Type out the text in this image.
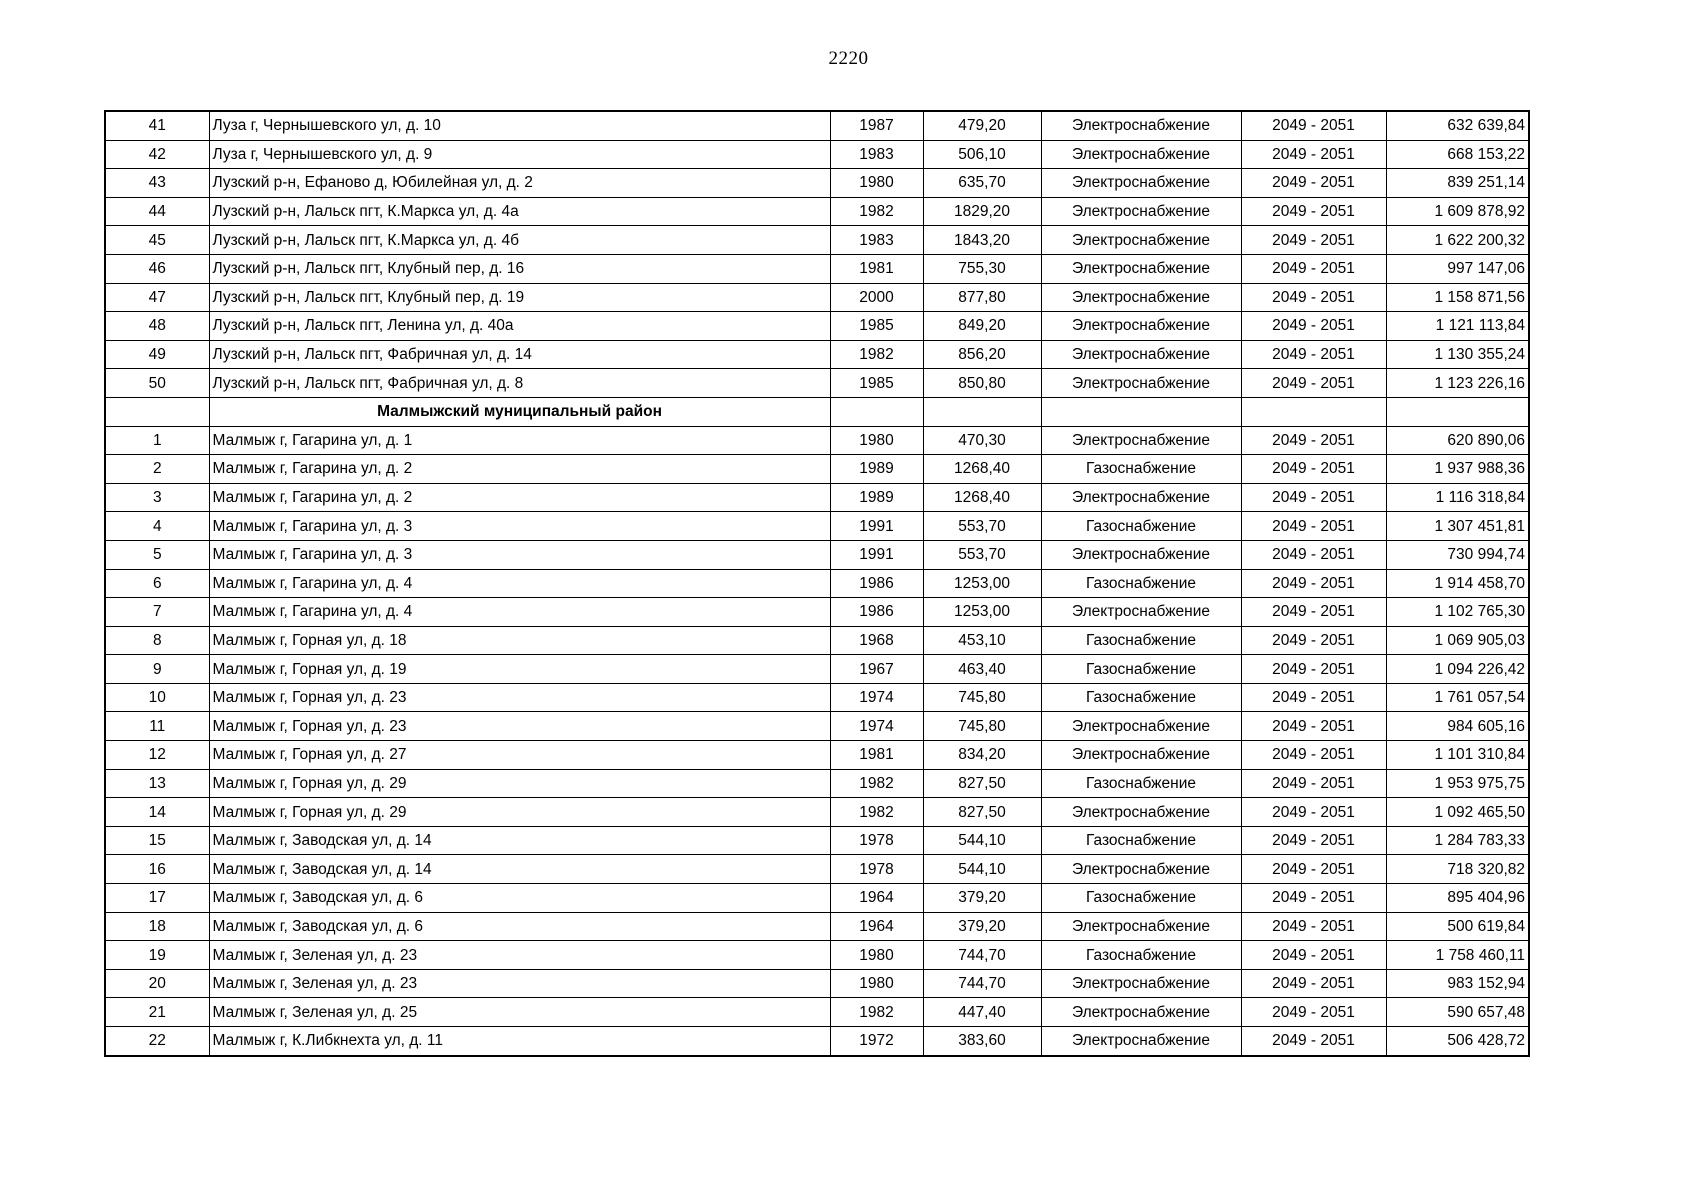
2220
41	Луза г, Чернышевского ул, д. 10	1987	479,20	Электроснабжение	2049 - 2051	632 639,84
42	Луза г, Чернышевского ул, д. 9	1983	506,10	Электроснабжение	2049 - 2051	668 153,22
43	Лузский р-н, Ефаново д, Юбилейная ул, д. 2	1980	635,70	Электроснабжение	2049 - 2051	839 251,14
44	Лузский р-н, Лальск пгт, К.Маркса ул, д. 4а	1982	1829,20	Электроснабжение	2049 - 2051	1 609 878,92
45	Лузский р-н, Лальск пгт, К.Маркса ул, д. 4б	1983	1843,20	Электроснабжение	2049 - 2051	1 622 200,32
46	Лузский р-н, Лальск пгт, Клубный пер, д. 16	1981	755,30	Электроснабжение	2049 - 2051	997 147,06
47	Лузский р-н, Лальск пгт, Клубный пер, д. 19	2000	877,80	Электроснабжение	2049 - 2051	1 158 871,56
48	Лузский р-н, Лальск пгт, Ленина ул, д. 40а	1985	849,20	Электроснабжение	2049 - 2051	1 121 113,84
49	Лузский р-н, Лальск пгт, Фабричная ул, д. 14	1982	856,20	Электроснабжение	2049 - 2051	1 130 355,24
50	Лузский р-н, Лальск пгт, Фабричная ул, д. 8	1985	850,80	Электроснабжение	2049 - 2051	1 123 226,16
	Малмыжский муниципальный район					
1	Малмыж г, Гагарина ул, д. 1	1980	470,30	Электроснабжение	2049 - 2051	620 890,06
2	Малмыж г, Гагарина ул, д. 2	1989	1268,40	Газоснабжение	2049 - 2051	1 937 988,36
3	Малмыж г, Гагарина ул, д. 2	1989	1268,40	Электроснабжение	2049 - 2051	1 116 318,84
4	Малмыж г, Гагарина ул, д. 3	1991	553,70	Газоснабжение	2049 - 2051	1 307 451,81
5	Малмыж г, Гагарина ул, д. 3	1991	553,70	Электроснабжение	2049 - 2051	730 994,74
6	Малмыж г, Гагарина ул, д. 4	1986	1253,00	Газоснабжение	2049 - 2051	1 914 458,70
7	Малмыж г, Гагарина ул, д. 4	1986	1253,00	Электроснабжение	2049 - 2051	1 102 765,30
8	Малмыж г, Горная ул, д. 18	1968	453,10	Газоснабжение	2049 - 2051	1 069 905,03
9	Малмыж г, Горная ул, д. 19	1967	463,40	Газоснабжение	2049 - 2051	1 094 226,42
10	Малмыж г, Горная ул, д. 23	1974	745,80	Газоснабжение	2049 - 2051	1 761 057,54
11	Малмыж г, Горная ул, д. 23	1974	745,80	Электроснабжение	2049 - 2051	984 605,16
12	Малмыж г, Горная ул, д. 27	1981	834,20	Электроснабжение	2049 - 2051	1 101 310,84
13	Малмыж г, Горная ул, д. 29	1982	827,50	Газоснабжение	2049 - 2051	1 953 975,75
14	Малмыж г, Горная ул, д. 29	1982	827,50	Электроснабжение	2049 - 2051	1 092 465,50
15	Малмыж г, Заводская ул, д. 14	1978	544,10	Газоснабжение	2049 - 2051	1 284 783,33
16	Малмыж г, Заводская ул, д. 14	1978	544,10	Электроснабжение	2049 - 2051	718 320,82
17	Малмыж г, Заводская ул, д. 6	1964	379,20	Газоснабжение	2049 - 2051	895 404,96
18	Малмыж г, Заводская ул, д. 6	1964	379,20	Электроснабжение	2049 - 2051	500 619,84
19	Малмыж г, Зеленая ул, д. 23	1980	744,70	Газоснабжение	2049 - 2051	1 758 460,11
20	Малмыж г, Зеленая ул, д. 23	1980	744,70	Электроснабжение	2049 - 2051	983 152,94
21	Малмыж г, Зеленая ул, д. 25	1982	447,40	Электроснабжение	2049 - 2051	590 657,48
22	Малмыж г, К.Либкнехта ул, д. 11	1972	383,60	Электроснабжение	2049 - 2051	506 428,72
